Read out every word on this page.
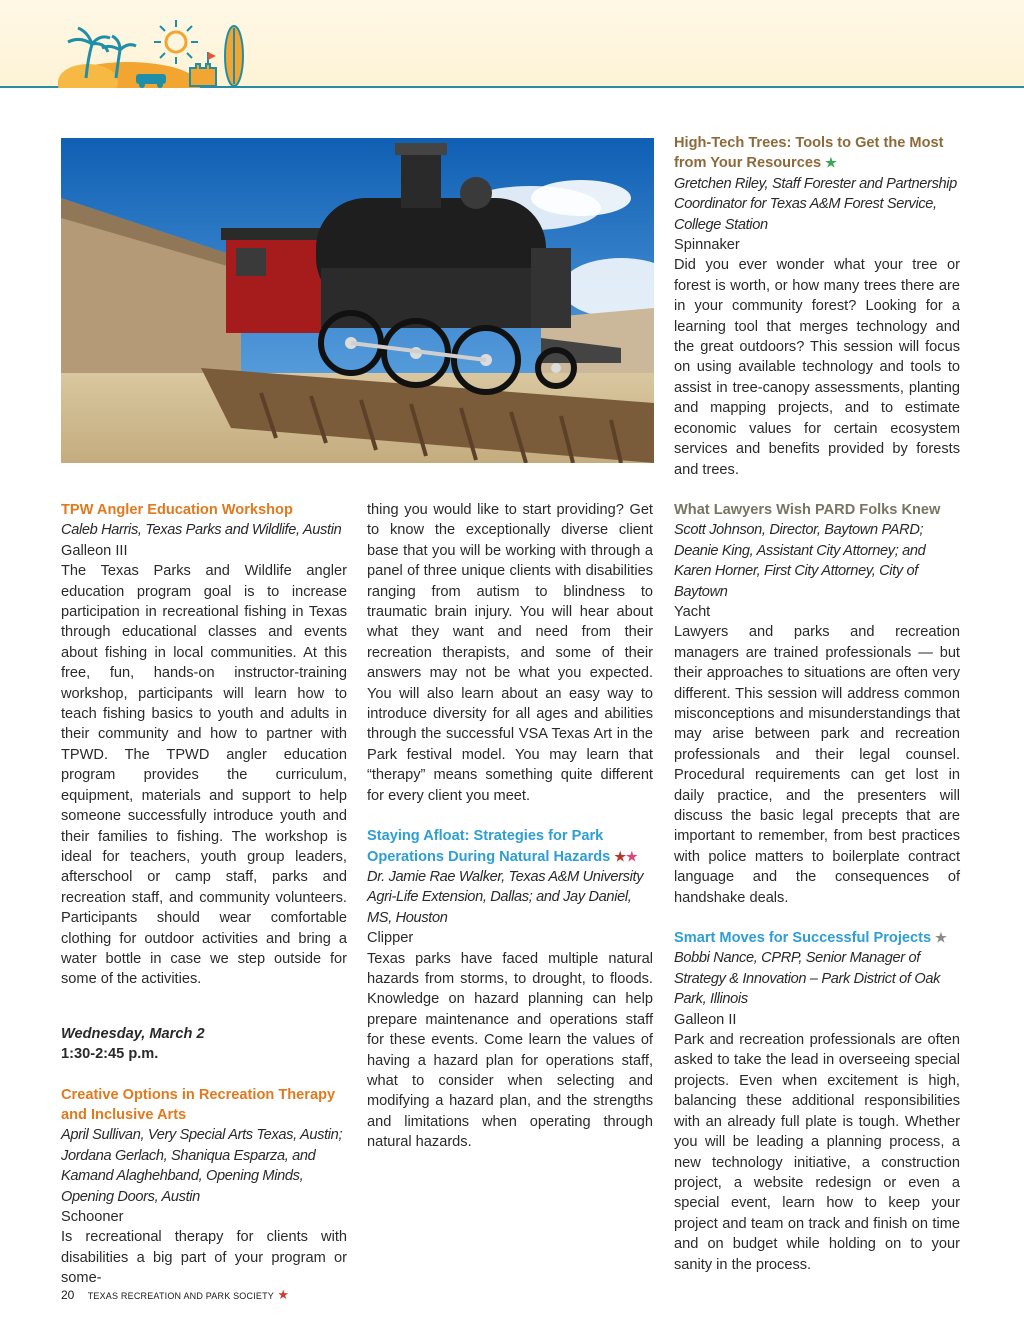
TPW Angler Education Workshop
Caleb Harris, Texas Parks and Wildlife, Austin
Galleon III
The Texas Parks and Wildlife angler education program goal is to increase participation in recreational fishing in Texas through educational classes and events about fishing in local communities. At this free, fun, hands-on instructor-training workshop, participants will learn how to teach fishing basics to youth and adults in their community and how to partner with TPWD. The TPWD angler education program provides the curriculum, equipment, materials and support to help someone successfully introduce youth and their families to fishing. The workshop is ideal for teachers, youth group leaders, afterschool or camp staff, parks and recreation staff, and community volunteers. Participants should wear comfortable clothing for outdoor activities and bring a water bottle in case we step outside for some of the activities.
Wednesday, March 2
1:30-2:45 p.m.
Creative Options in Recreation Therapy
and Inclusive Arts
April Sullivan, Very Special Arts Texas, Austin; Jordana Gerlach, Shaniqua Esparza, and Kamand Alaghehband, Opening Minds, Opening Doors, Austin
Schooner
Is recreational therapy for clients with disabilities a big part of your program or some-
thing you would like to start providing? Get to know the exceptionally diverse client base that you will be working with through a panel of three unique clients with disabilities ranging from autism to blindness to traumatic brain injury. You will hear about what they want and need from their recreation therapists, and some of their answers may not be what you expected. You will also learn about an easy way to introduce diversity for all ages and abilities through the successful VSA Texas Art in the Park festival model. You may learn that “therapy” means something quite different for every client you meet.
Staying Afloat: Strategies for Park
Operations During Natural Hazards ★★
Dr. Jamie Rae Walker, Texas A&M University Agri-Life Extension, Dallas; and Jay Daniel, MS, Houston
Clipper
Texas parks have faced multiple natural hazards from storms, to drought, to floods. Knowledge on hazard planning can help prepare maintenance and operations staff for these events. Come learn the values of having a hazard plan for operations staff, what to consider when selecting and modifying a hazard plan, and the strengths and limitations when operating through natural hazards.
High-Tech Trees: Tools to Get the Most
from Your Resources ★
Gretchen Riley, Staff Forester and Partnership Coordinator for Texas A&M Forest Service, College Station
Spinnaker
Did you ever wonder what your tree or forest is worth, or how many trees there are in your community forest? Looking for a learning tool that merges technology and the great outdoors? This session will focus on using available technology and tools to assist in tree-canopy assessments, planting and mapping projects, and to estimate economic values for certain ecosystem services and benefits provided by forests and trees.
What Lawyers Wish PARD Folks Knew
Scott Johnson, Director, Baytown PARD; Deanie King, Assistant City Attorney; and Karen Horner, First City Attorney, City of Baytown
Yacht
Lawyers and parks and recreation managers are trained professionals — but their approaches to situations are often very different. This session will address common misconceptions and misunderstandings that may arise between park and recreation professionals and their legal counsel. Procedural requirements can get lost in daily practice, and the presenters will discuss the basic legal precepts that are important to remember, from best practices with police matters to boilerplate contract language and the consequences of handshake deals.
Smart Moves for Successful Projects ★
Bobbi Nance, CPRP, Senior Manager of Strategy & Innovation – Park District of Oak Park, Illinois
Galleon II
Park and recreation professionals are often asked to take the lead in overseeing special projects. Even when excitement is high, balancing these additional responsibilities with an already full plate is tough. Whether you will be leading a planning process, a new technology initiative, a construction project, a website redesign or even a special event, learn how to keep your project and team on track and finish on time and on budget while holding on to your sanity in the process.
20 TEXAS RECREATION AND PARK SOCIETY ★
